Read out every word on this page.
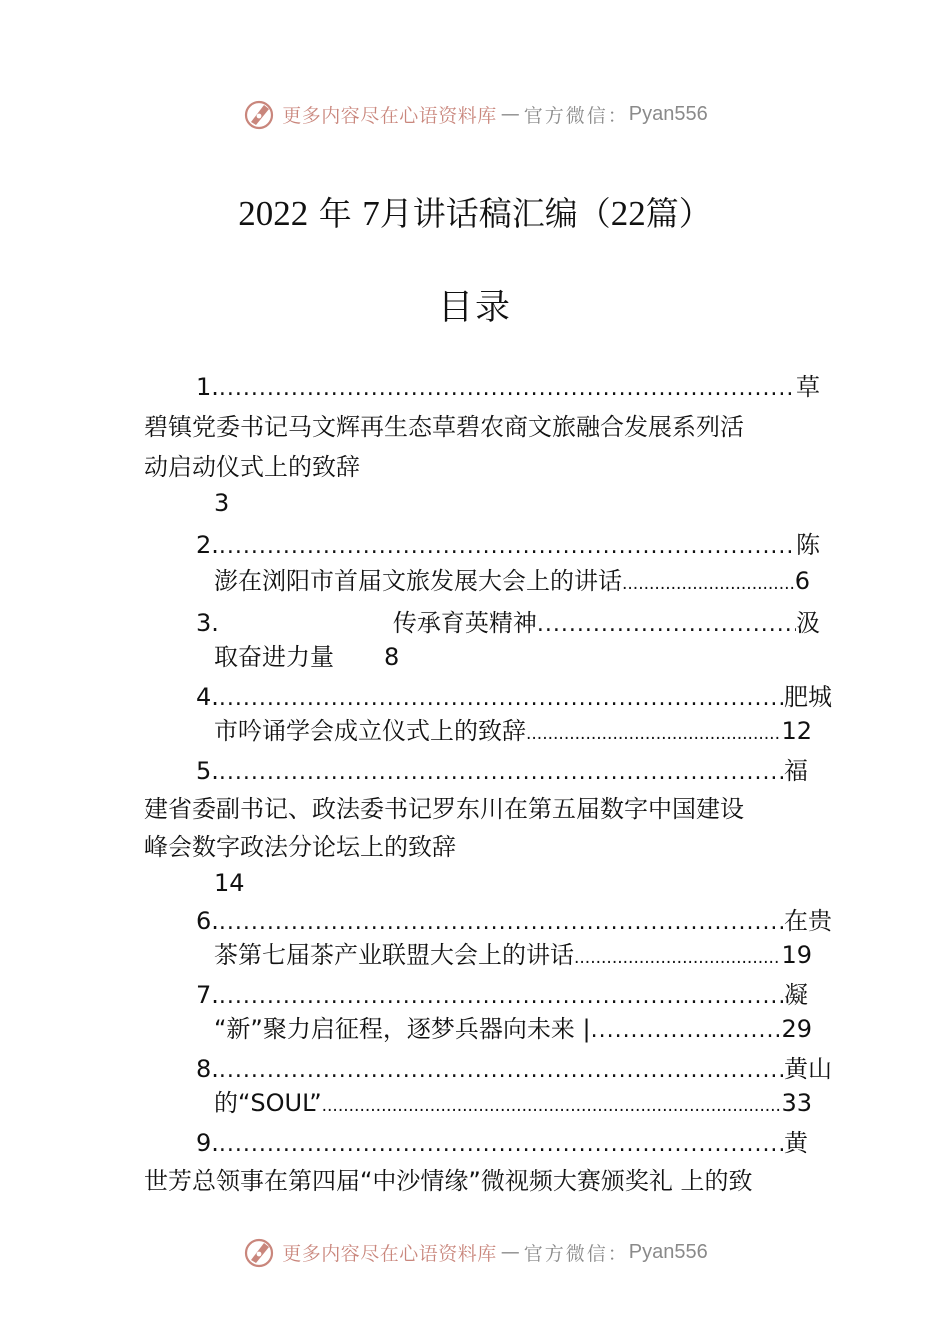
更多内容尽在心语资料库 — 官方微信： Pyan556
2022 年 7月讲话稿汇编（22篇）
目录
1. .....	草
碧镇党委书记马文辉再生态草碧农商文旅融合发展系列活
动启动仪式上的致辞
3
2. .....	陈
澎在浏阳市首届文旅发展大会上的讲话 .....	6
3.	传承育英精神 .....	汲
取奋进力量 8
4. .....	肥城
市吟诵学会成立仪式上的致辞 .....	12
5. .....	福
建省委副书记、政法委书记罗东川在第五届数字中国建设
峰会数字政法分论坛上的致辞
14
6. .....	在贵
茶第七届茶产业联盟大会上的讲话 .....	19
7. .....	凝
“新”聚力启征程，逐梦兵器向未来 | .....	29
8. .....	黄山
的“SOUL” .....	33
9. .....	黄
世芳总领事在第四届“中沙情缘”微视频大赛颁奖礼 上的致
更多内容尽在心语资料库 — 官方微信： Pyan556
